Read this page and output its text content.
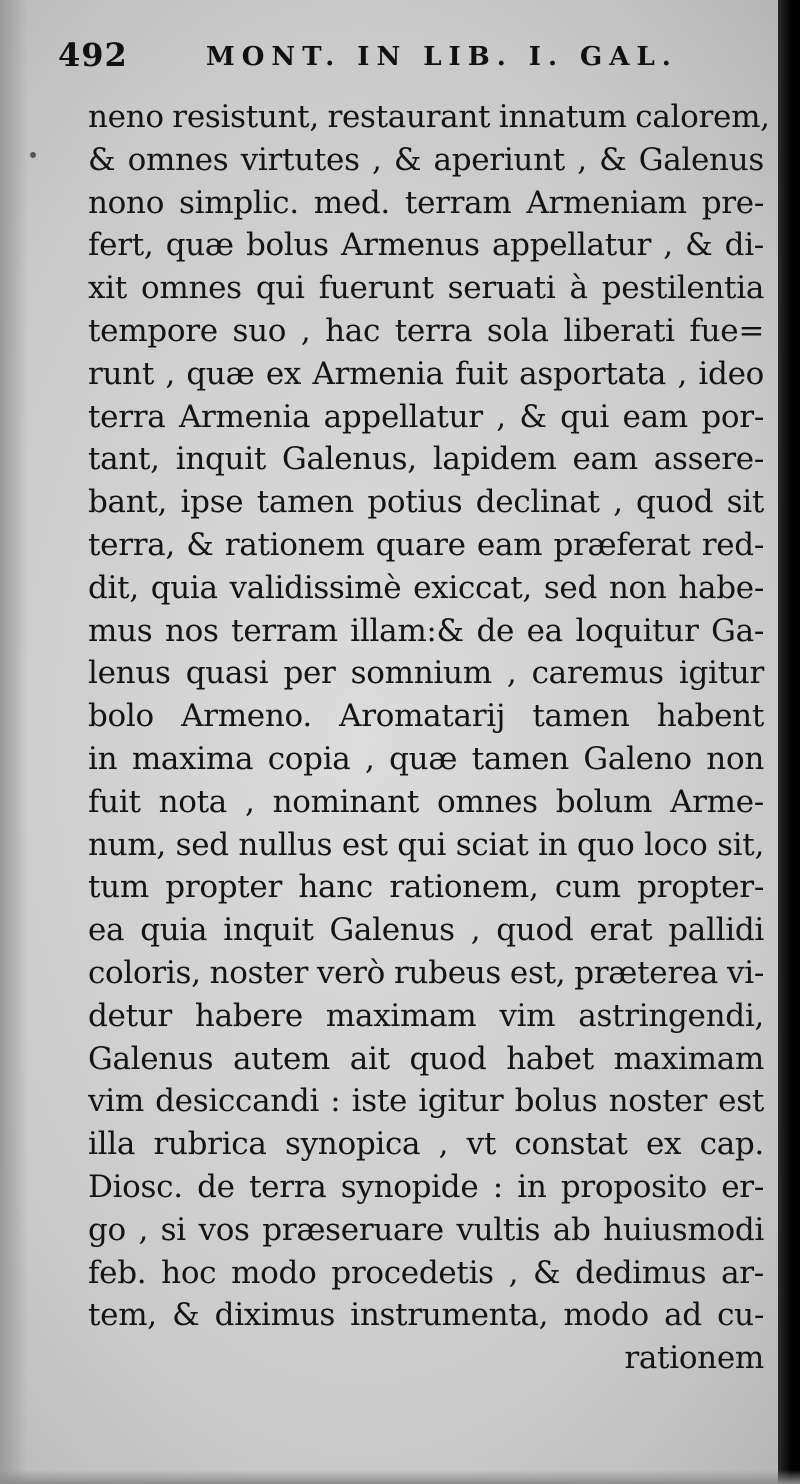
492	MONT. IN LIB. I. GAL.
neno resistunt, restaurant innatum calorem,
& omnes virtutes , & aperiunt , & Galenus
nono simplic. med. terram Armeniam pre-
fert, quæ bolus Armenus appellatur , & di-
xit omnes qui fuerunt seruati à pestilentia
tempore suo , hac terra sola liberati fue=
runt , quæ ex Armenia fuit asportata , ideo
terra Armenia appellatur , & qui eam por-
tant, inquit Galenus, lapidem eam assere-
bant, ipse tamen potius declinat , quod sit
terra, & rationem quare eam præferat red-
dit, quia validissimè exiccat, sed non habe-
mus nos terram illam:& de ea loquitur Ga-
lenus quasi per somnium , caremus igitur
bolo Armeno. Aromatarij tamen habent
in maxima copia , quæ tamen Galeno non
fuit nota , nominant omnes bolum Arme-
num, sed nullus est qui sciat in quo loco sit,
tum propter hanc rationem, cum propter-
ea quia inquit Galenus , quod erat pallidi
coloris, noster verò rubeus est, præterea vi-
detur habere maximam vim astringendi,
Galenus autem ait quod habet maximam
vim desiccandi : iste igitur bolus noster est
illa rubrica synopica , vt constat ex cap.
Diosc. de terra synopide : in proposito er-
go , si vos præseruare vultis ab huiusmodi
feb. hoc modo procedetis , & dedimus ar-
tem, & diximus instrumenta, modo ad cu-
rationem
